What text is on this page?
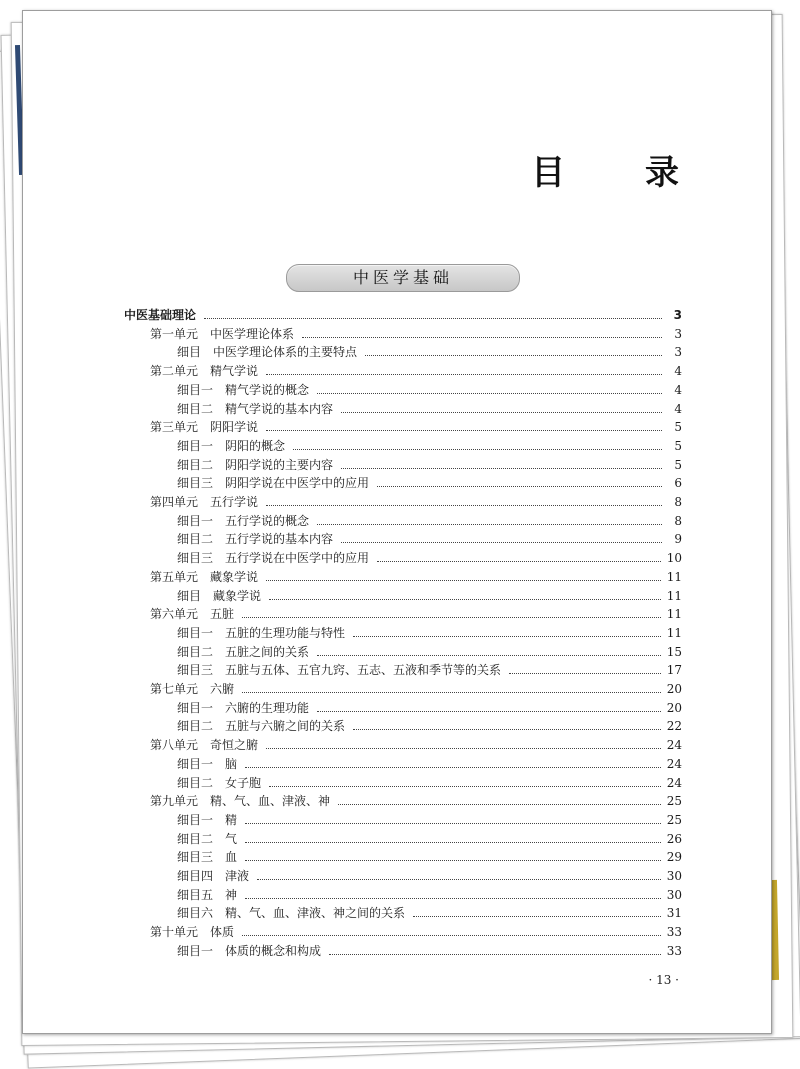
目 录
中医学基础
中医基础理论	3
第一单元　中医学理论体系	3
细目　中医学理论体系的主要特点	3
第二单元　精气学说	4
细目一　精气学说的概念	4
细目二　精气学说的基本内容	4
第三单元　阴阳学说	5
细目一　阴阳的概念	5
细目二　阴阳学说的主要内容	5
细目三　阴阳学说在中医学中的应用	6
第四单元　五行学说	8
细目一　五行学说的概念	8
细目二　五行学说的基本内容	9
细目三　五行学说在中医学中的应用	10
第五单元　藏象学说	11
细目　藏象学说	11
第六单元　五脏	11
细目一　五脏的生理功能与特性	11
细目二　五脏之间的关系	15
细目三　五脏与五体、五官九窍、五志、五液和季节等的关系	17
第七单元　六腑	20
细目一　六腑的生理功能	20
细目二　五脏与六腑之间的关系	22
第八单元　奇恒之腑	24
细目一　脑	24
细目二　女子胞	24
第九单元　精、气、血、津液、神	25
细目一　精	25
细目二　气	26
细目三　血	29
细目四　津液	30
细目五　神	30
细目六　精、气、血、津液、神之间的关系	31
第十单元　体质	33
细目一　体质的概念和构成	33
· 13 ·
